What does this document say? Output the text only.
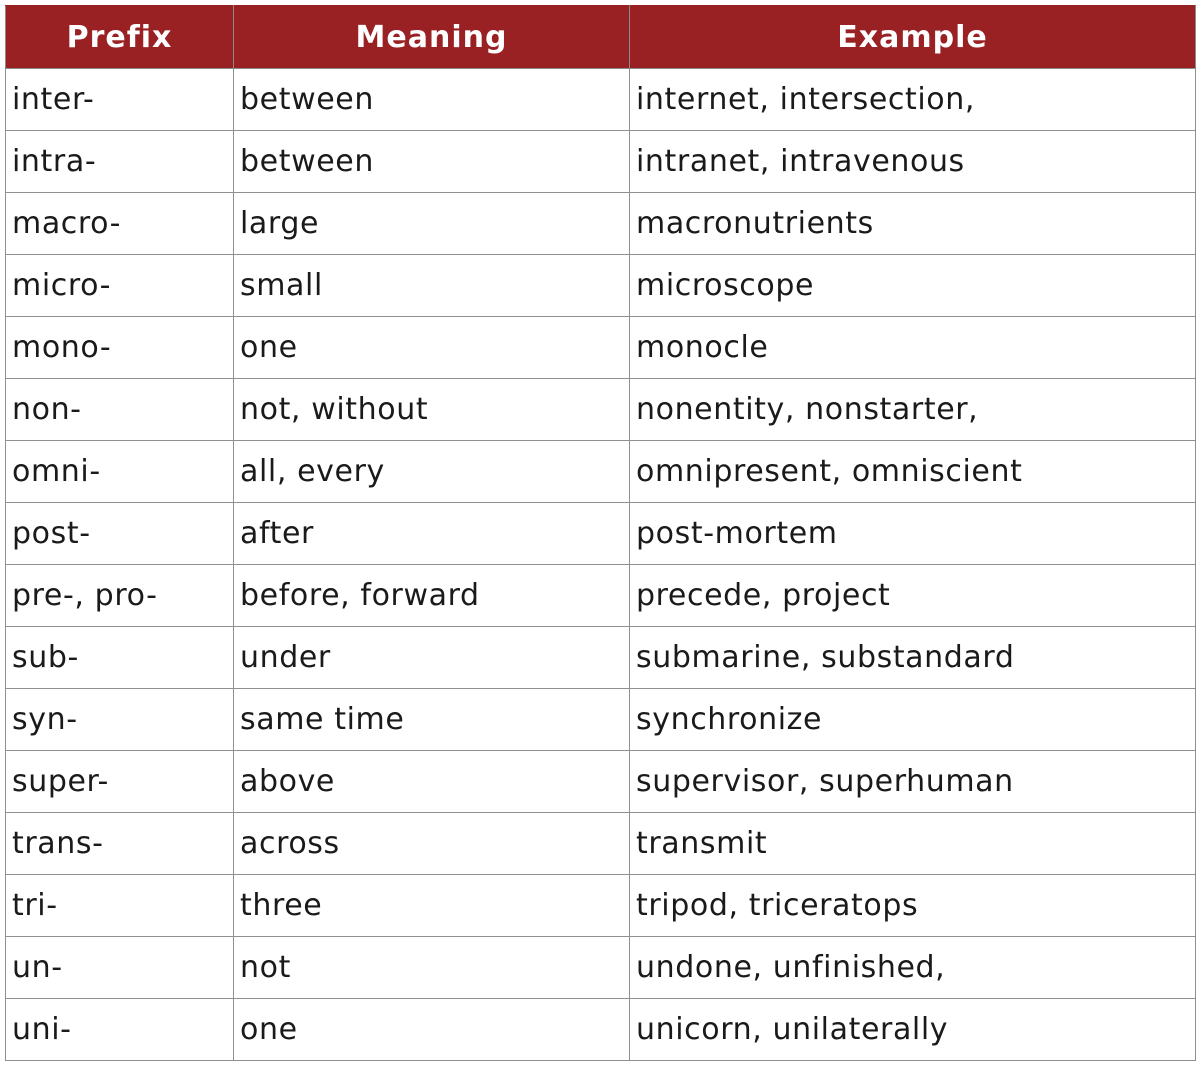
Prefix	Meaning	Example
inter-	between	internet, intersection,
intra-	between	intranet, intravenous
macro-	large	macronutrients
micro-	small	microscope
mono-	one	monocle
non-	not, without	nonentity, nonstarter,
omni-	all, every	omnipresent, omniscient
post-	after	post-mortem
pre-, pro-	before, forward	precede, project
sub-	under	submarine, substandard
syn-	same time	synchronize
super-	above	supervisor, superhuman
trans-	across	transmit
tri-	three	tripod, triceratops
un-	not	undone, unfinished,
uni-	one	unicorn, unilaterally
